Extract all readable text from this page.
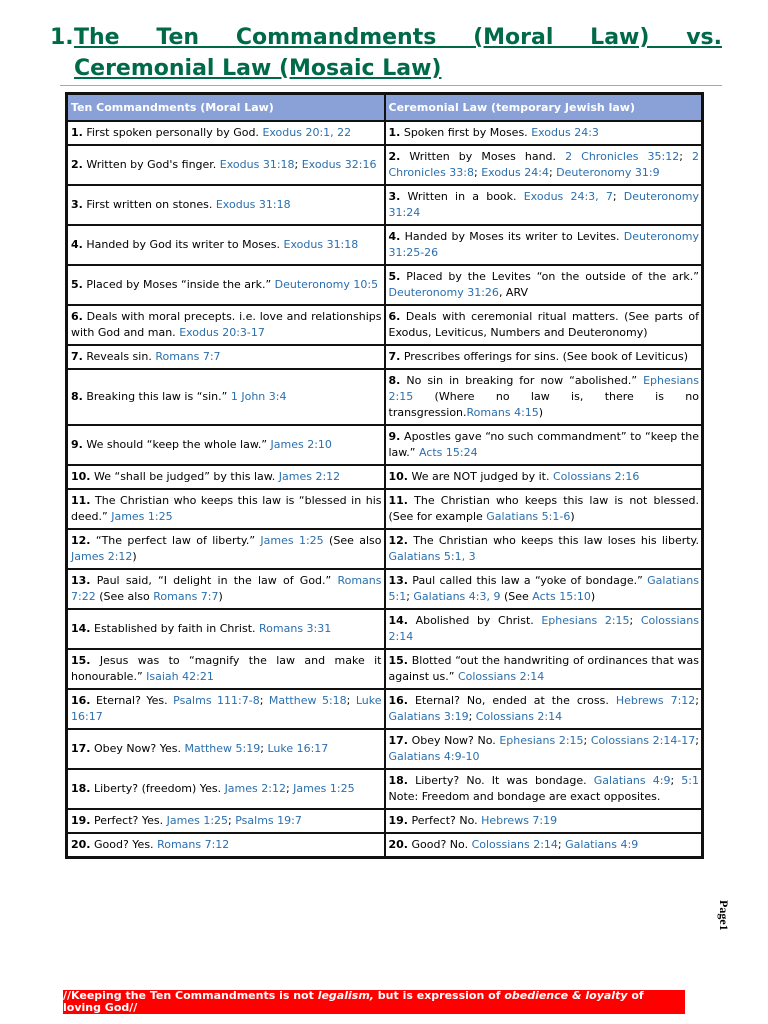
1. The Ten Commandments (Moral Law) vs. Ceremonial Law (Mosaic Law)
Ten Commandments (Moral Law)	Ceremonial Law (temporary Jewish law)
1. First spoken personally by God. Exodus 20:1, 22	1. Spoken first by Moses. Exodus 24:3
2. Written by God's finger. Exodus 31:18; Exodus 32:16	2. Written by Moses hand. 2 Chronicles 35:12; 2 Chronicles 33:8; Exodus 24:4; Deuteronomy 31:9
3. First written on stones. Exodus 31:18	3. Written in a book. Exodus 24:3, 7; Deuteronomy 31:24
4. Handed by God its writer to Moses. Exodus 31:18	4. Handed by Moses its writer to Levites. Deuteronomy 31:25-26
5. Placed by Moses “inside the ark.” Deuteronomy 10:5	5. Placed by the Levites “on the outside of the ark.” Deuteronomy 31:26, ARV
6. Deals with moral precepts. i.e. love and relationships with God and man. Exodus 20:3-17	6. Deals with ceremonial ritual matters. (See parts of Exodus, Leviticus, Numbers and Deuteronomy)
7. Reveals sin. Romans 7:7	7. Prescribes offerings for sins. (See book of Leviticus)
8. Breaking this law is “sin.” 1 John 3:4	8. No sin in breaking for now “abolished.” Ephesians 2:15 (Where no law is, there is no transgression.Romans 4:15)
9. We should “keep the whole law.” James 2:10	9. Apostles gave “no such commandment” to “keep the law.” Acts 15:24
10. We “shall be judged” by this law. James 2:12	10. We are NOT judged by it. Colossians 2:16
11. The Christian who keeps this law is “blessed in his deed.” James 1:25	11. The Christian who keeps this law is not blessed. (See for example Galatians 5:1-6)
12. “The perfect law of liberty.” James 1:25 (See also James 2:12)	12. The Christian who keeps this law loses his liberty. Galatians 5:1, 3
13. Paul said, “I delight in the law of God.” Romans 7:22 (See also Romans 7:7)	13. Paul called this law a “yoke of bondage.” Galatians 5:1; Galatians 4:3, 9 (See Acts 15:10)
14. Established by faith in Christ. Romans 3:31	14. Abolished by Christ. Ephesians 2:15; Colossians 2:14
15. Jesus was to “magnify the law and make it honourable.” Isaiah 42:21	15. Blotted “out the handwriting of ordinances that was against us.” Colossians 2:14
16. Eternal? Yes. Psalms 111:7-8; Matthew 5:18; Luke 16:17	16. Eternal? No, ended at the cross. Hebrews 7:12; Galatians 3:19; Colossians 2:14
17. Obey Now? Yes. Matthew 5:19; Luke 16:17	17. Obey Now? No. Ephesians 2:15; Colossians 2:14-17; Galatians 4:9-10
18. Liberty? (freedom) Yes. James 2:12; James 1:25	18. Liberty? No. It was bondage. Galatians 4:9; 5:1 Note: Freedom and bondage are exact opposites.
19. Perfect? Yes. James 1:25; Psalms 19:7	19. Perfect? No. Hebrews 7:19
20. Good? Yes. Romans 7:12	20. Good? No. Colossians 2:14; Galatians 4:9
Page1
//Keeping the Ten Commandments is not legalism, but is expression of obedience & loyalty of loving God//
